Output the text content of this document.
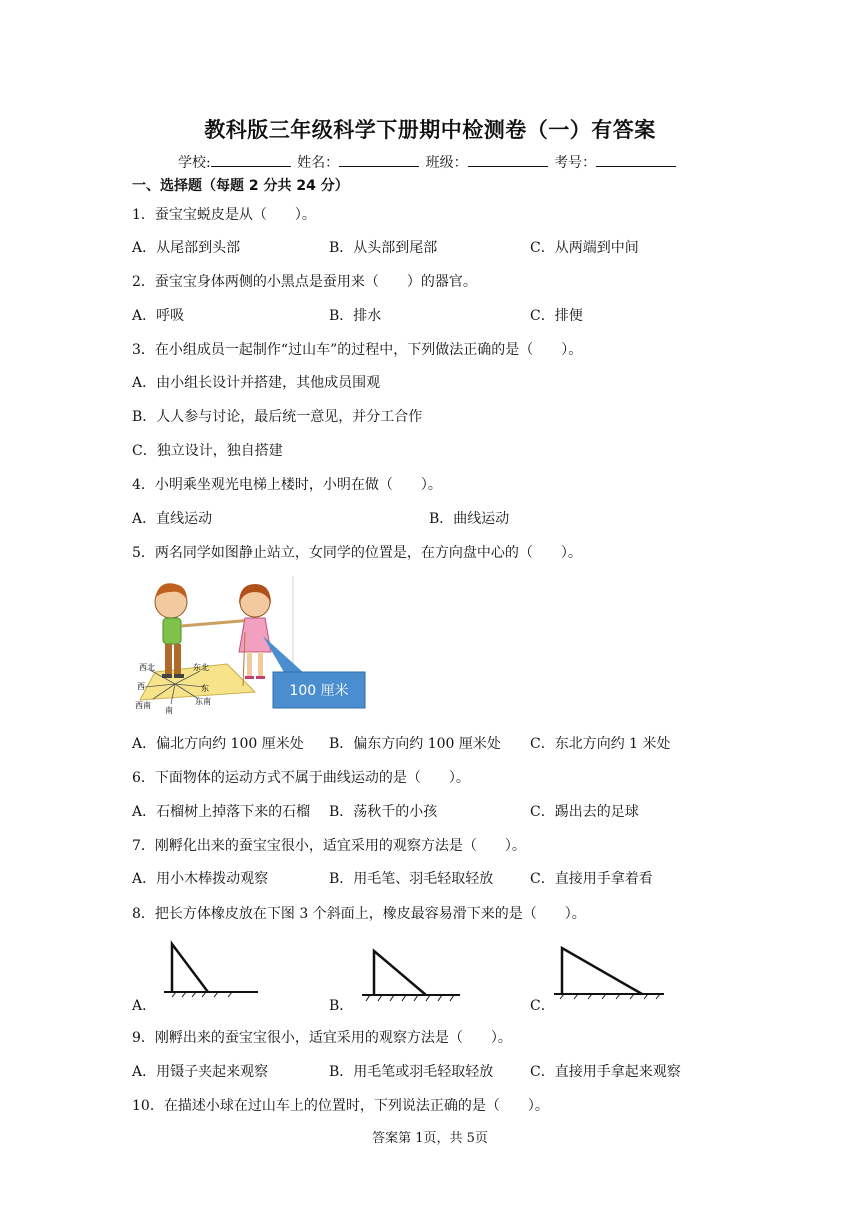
教科版三年级科学下册期中检测卷（一）有答案
学校:	姓名：	班级：	考号：
一、选择题（每题 2 分共 24 分）
1．蚕宝宝蜕皮是从（　　）。
A．从尾部到头部	B．从头部到尾部	C．从两端到中间
2．蚕宝宝身体两侧的小黑点是蚕用来（　　）的器官。
A．呼吸	B．排水	C．排便
3．在小组成员一起制作“过山车”的过程中，下列做法正确的是（　　）。
A．由小组长设计并搭建，其他成员围观
B．人人参与讨论，最后统一意见，并分工合作
C．独立设计，独自搭建
4．小明乘坐观光电梯上楼时，小明在做（　　）。
A．直线运动	B．曲线运动
5．两名同学如图静止站立，女同学的位置是，在方向盘中心的（　　）。
西北	东北
西	东
西南
南
东南
100 厘米
A．偏北方向约 100 厘米处 B．偏东方向约 100 厘米处 C．东北方向约 1 米处
6．下面物体的运动方式不属于曲线运动的是（　　）。
A．石榴树上掉落下来的石榴 B．荡秋千的小孩	C．踢出去的足球
7．刚孵化出来的蚕宝宝很小，适宜采用的观察方法是（　　）。
A．用小木棒拨动观察	B．用毛笔、羽毛轻取轻放	C．直接用手拿着看
8．把长方体橡皮放在下图 3 个斜面上，橡皮最容易滑下来的是（　　）。
A．	B．	C．
9．刚孵出来的蚕宝宝很小，适宜采用的观察方法是（　　）。
A．用镊子夹起来观察	B．用毛笔或羽毛轻取轻放	C．直接用手拿起来观察
10．在描述小球在过山车上的位置时，下列说法正确的是（　　）。
答案第 1页，共 5页
